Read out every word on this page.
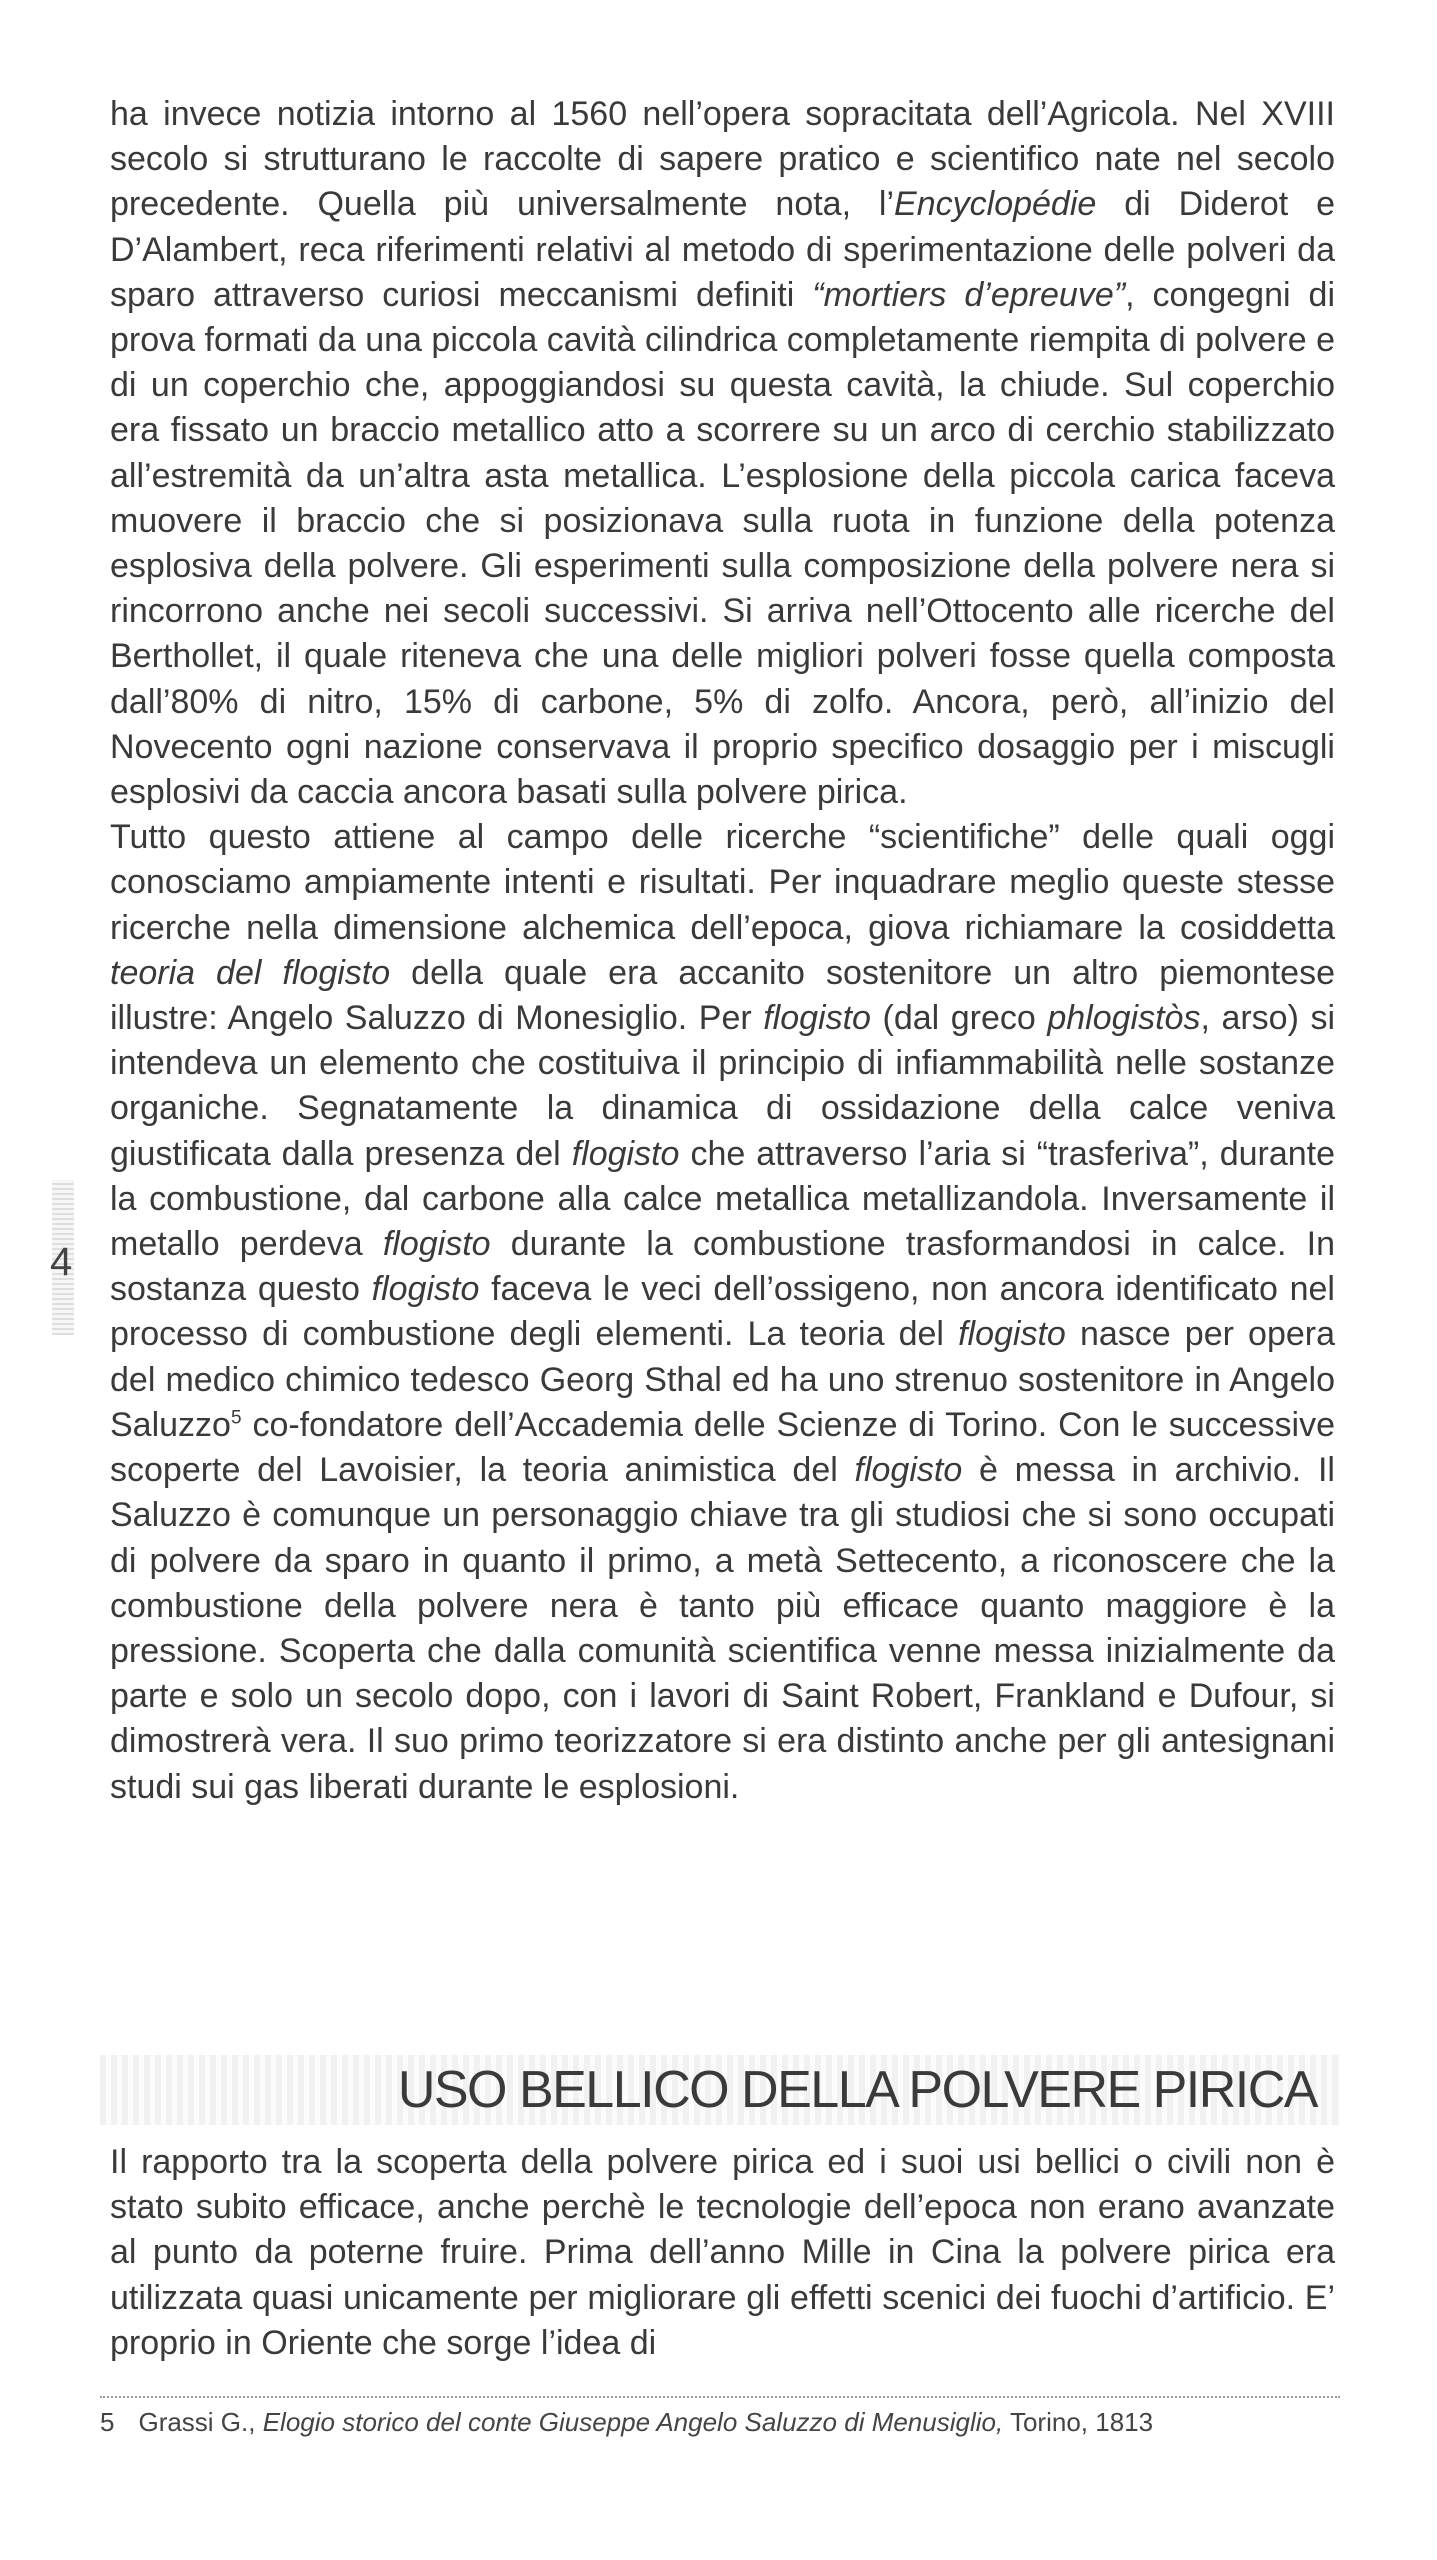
4

ha invece notizia intorno al 1560 nell’opera sopracitata dell’Agricola. Nel XVIII secolo si strutturano le raccolte di sapere pratico e scientifico nate nel secolo precedente. Quella più universalmente nota, l’Encyclopédie di Diderot e D’Alambert, reca riferimenti relativi al metodo di sperimentazione delle polveri da sparo attraverso curiosi meccanismi definiti “mortiers d’epreuve”, congegni di prova formati da una piccola cavità cilindrica completamente riempita di polvere e di un coperchio che, appoggiandosi su questa cavità, la chiude. Sul coperchio era fissato un braccio metallico atto a scorrere su un arco di cerchio stabilizzato all’estremità da un’altra asta metallica. L’esplosione della piccola carica faceva muovere il braccio che si posizionava sulla ruota in funzione della potenza esplosiva della polvere. Gli esperimenti sulla composizione della polvere nera si rincorrono anche nei secoli successivi. Si arriva nell’Ottocento alle ricerche del Berthollet, il quale riteneva che una delle migliori polveri fosse quella composta dall’80% di nitro, 15% di carbone, 5% di zolfo. Ancora, però, all’inizio del Novecento ogni nazione conservava il proprio specifico dosaggio per i miscugli esplosivi da caccia ancora basati sulla polvere pirica.

Tutto questo attiene al campo delle ricerche “scientifiche” delle quali oggi conosciamo ampiamente intenti e risultati. Per inquadrare meglio queste stesse ricerche nella dimensione alchemica dell’epoca, giova richiamare la cosiddetta teoria del flogisto della quale era accanito sostenitore un altro piemontese illustre: Angelo Saluzzo di Monesiglio. Per flogisto (dal greco phlogistòs, arso) si intendeva un elemento che costituiva il principio di infiammabilità nelle sostanze organiche. Segnatamente la dinamica di ossidazione della calce veniva giustificata dalla presenza del flogisto che attraverso l’aria si “trasferiva”, durante la combustione, dal carbone alla calce metallica metallizandola. Inversamente il metallo perdeva flogisto durante la combustione trasformandosi in calce. In sostanza questo flogisto faceva le veci dell’ossigeno, non ancora identificato nel processo di combustione degli elementi. La teoria del flogisto nasce per opera del medico chimico tedesco Georg Sthal ed ha uno strenuo sostenitore in Angelo Saluzzo$^5$ co-fondatore dell’Accademia delle Scienze di Torino. Con le successive scoperte del Lavoisier, la teoria animistica del flogisto è messa in archivio. Il Saluzzo è comunque un personaggio chiave tra gli studiosi che si sono occupati di polvere da sparo in quanto il primo, a metà Settecento, a riconoscere che la combustione della polvere nera è tanto più efficace quanto maggiore è la pressione. Scoperta che dalla comunità scientifica venne messa inizialmente da parte e solo un secolo dopo, con i lavori di Saint Robert, Frankland e Dufour, si dimostrerà vera. Il suo primo teorizzatore si era distinto anche per gli antesignani studi sui gas liberati durante le esplosioni.

USO BELLICO DELLA POLVERE PIRICA

Il rapporto tra la scoperta della polvere pirica ed i suoi usi bellici o civili non è stato subito efficace, anche perchè le tecnologie dell’epoca non erano avanzate al punto da poterne fruire. Prima dell’anno Mille in Cina la polvere pirica era utilizzata quasi unicamente per migliorare gli effetti scenici dei fuochi d’artificio. E’ proprio in Oriente che sorge l’idea di

5 Grassi G., Elogio storico del conte Giuseppe Angelo Saluzzo di Menusiglio, Torino, 1813
